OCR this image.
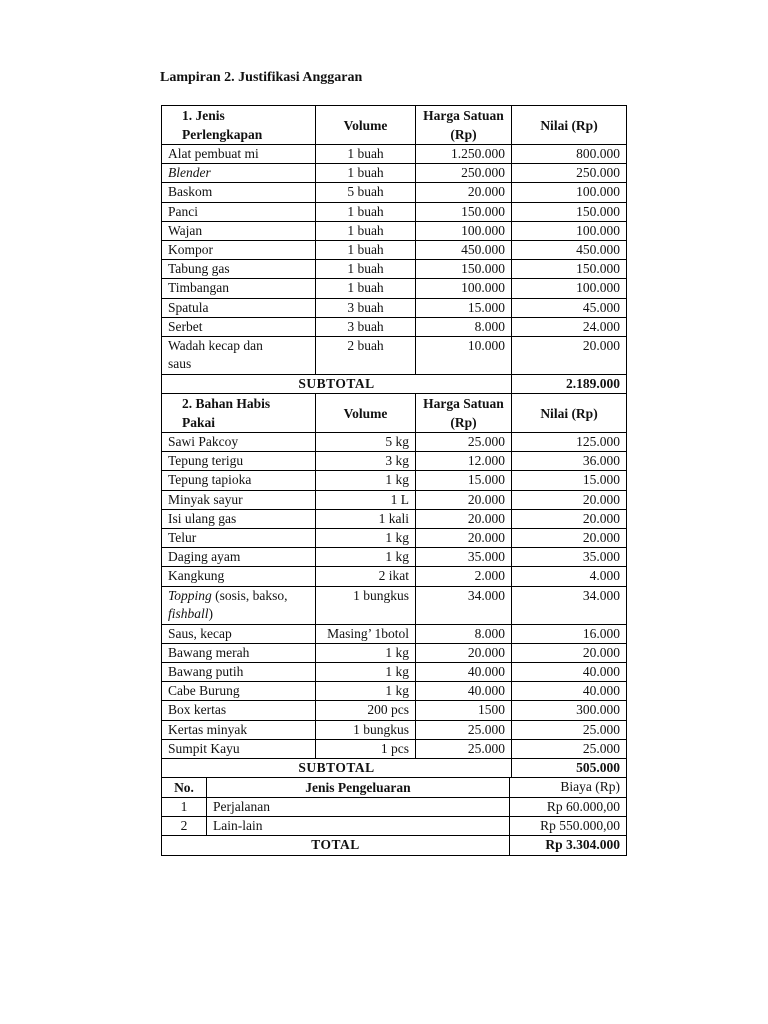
Lampiran 2. Justifikasi Anggaran
1. Jenis Perlengkapan	Volume	Harga Satuan (Rp)	Nilai (Rp)
Alat pembuat mi	1 buah	1.250.000	800.000
Blender	1 buah	250.000	250.000
Baskom	5 buah	20.000	100.000
Panci	1 buah	150.000	150.000
Wajan	1 buah	100.000	100.000
Kompor	1 buah	450.000	450.000
Tabung gas	1 buah	150.000	150.000
Timbangan	1 buah	100.000	100.000
Spatula	3 buah	15.000	45.000
Serbet	3 buah	8.000	24.000
Wadah kecap dan saus	2 buah	10.000	20.000
SUBTOTAL			2.189.000
2. Bahan Habis Pakai	Volume	Harga Satuan (Rp)	Nilai (Rp)
Sawi Pakcoy	5 kg	25.000	125.000
Tepung terigu	3 kg	12.000	36.000
Tepung tapioka	1 kg	15.000	15.000
Minyak sayur	1 L	20.000	20.000
Isi ulang gas	1 kali	20.000	20.000
Telur	1 kg	20.000	20.000
Daging ayam	1 kg	35.000	35.000
Kangkung	2 ikat	2.000	4.000
Topping (sosis, bakso, fishball)	1 bungkus	34.000	34.000
Saus, kecap	Masing’ 1botol	8.000	16.000
Bawang merah	1 kg	20.000	20.000
Bawang putih	1 kg	40.000	40.000
Cabe Burung	1 kg	40.000	40.000
Box kertas	200 pcs	1500	300.000
Kertas minyak	1 bungkus	25.000	25.000
Sumpit Kayu	1 pcs	25.000	25.000
SUBTOTAL			505.000
No.	Jenis Pengeluaran	Biaya (Rp)
1	Perjalanan	Rp 60.000,00
2	Lain-lain	Rp 550.000,00
TOTAL		Rp 3.304.000
